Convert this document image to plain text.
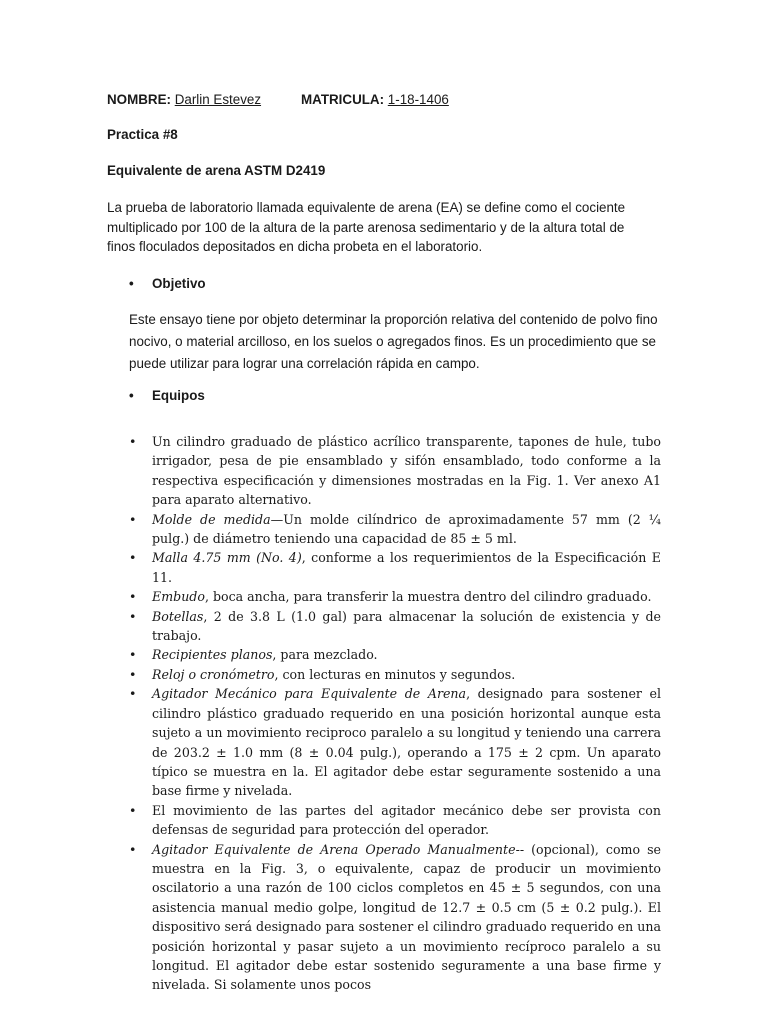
NOMBRE: Darlin Estevez	MATRICULA: 1-18-1406
Practica #8
Equivalente de arena ASTM D2419
La prueba de laboratorio llamada equivalente de arena (EA) se define como el cociente multiplicado por 100 de la altura de la parte arenosa sedimentario y de la altura total de finos floculados depositados en dicha probeta en el laboratorio.
• Objetivo
Este ensayo tiene por objeto determinar la proporción relativa del contenido de polvo fino nocivo, o material arcilloso, en los suelos o agregados finos. Es un procedimiento que se puede utilizar para lograr una correlación rápida en campo.
• Equipos
• Un cilindro graduado de plástico acrílico transparente, tapones de hule, tubo irrigador, pesa de pie ensamblado y sifón ensamblado, todo conforme a la respectiva especificación y dimensiones mostradas en la Fig. 1. Ver anexo A1 para aparato alternativo.
• Molde de medida—Un molde cilíndrico de aproximadamente 57 mm (2 ¼ pulg.) de diámetro teniendo una capacidad de 85 ± 5 ml.
• Malla 4.75 mm (No. 4), conforme a los requerimientos de la Especificación E 11.
• Embudo, boca ancha, para transferir la muestra dentro del cilindro graduado.
• Botellas, 2 de 3.8 L (1.0 gal) para almacenar la solución de existencia y de trabajo.
• Recipientes planos, para mezclado.
• Reloj o cronómetro, con lecturas en minutos y segundos.
• Agitador Mecánico para Equivalente de Arena, designado para sostener el cilindro plástico graduado requerido en una posición horizontal aunque esta sujeto a un movimiento reciproco paralelo a su longitud y teniendo una carrera de 203.2 ± 1.0 mm (8 ± 0.04 pulg.), operando a 175 ± 2 cpm. Un aparato típico se muestra en la. El agitador debe estar seguramente sostenido a una base firme y nivelada.
• El movimiento de las partes del agitador mecánico debe ser provista con defensas de seguridad para protección del operador.
• Agitador Equivalente de Arena Operado Manualmente-- (opcional), como se muestra en la Fig. 3, o equivalente, capaz de producir un movimiento oscilatorio a una razón de 100 ciclos completos en 45 ± 5 segundos, con una asistencia manual medio golpe, longitud de 12.7 ± 0.5 cm (5 ± 0.2 pulg.). El dispositivo será designado para sostener el cilindro graduado requerido en una posición horizontal y pasar sujeto a un movimiento recíproco paralelo a su longitud. El agitador debe estar sostenido seguramente a una base firme y nivelada. Si solamente unos pocos
